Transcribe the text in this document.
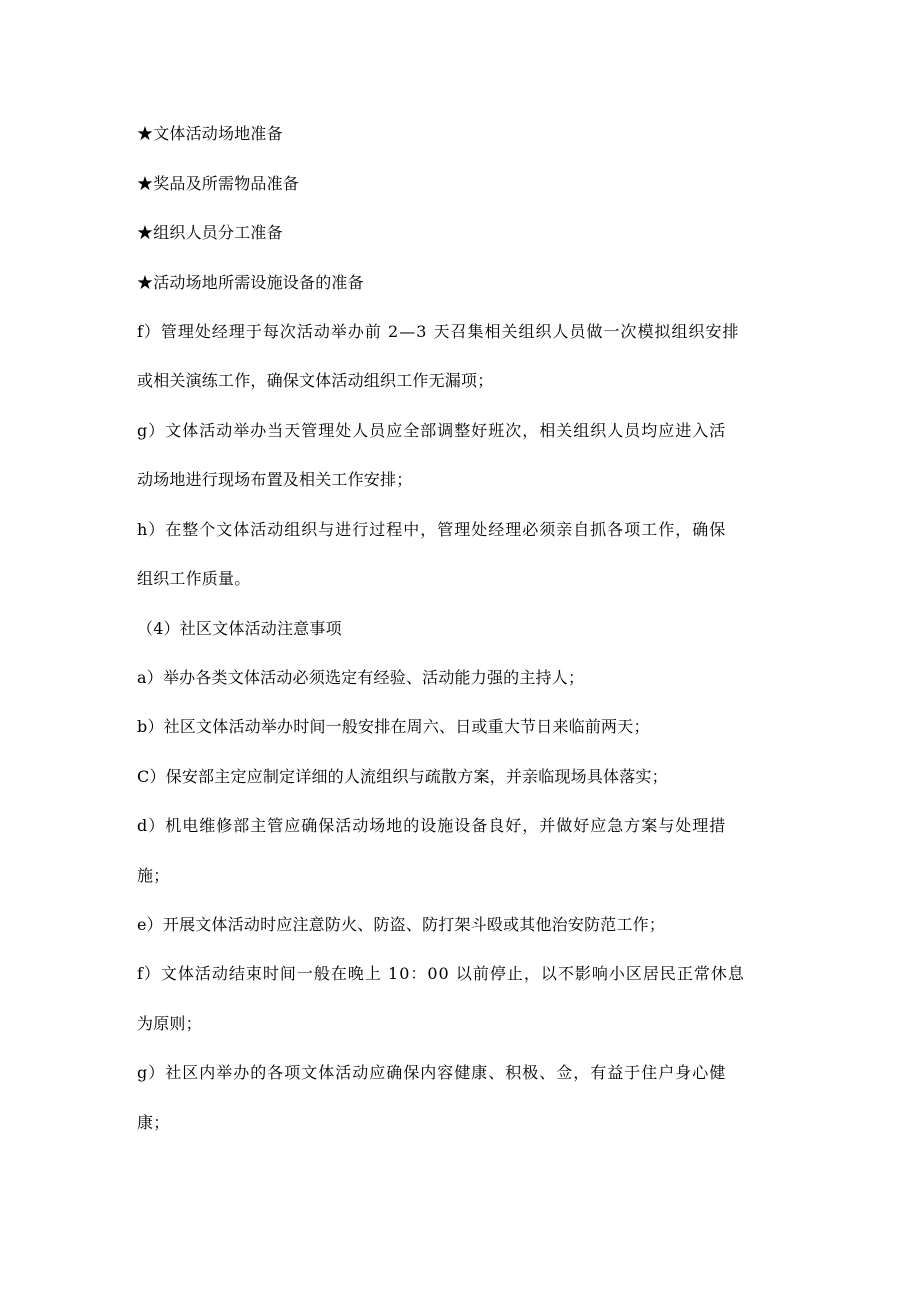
★文体活动场地准备
★奖品及所需物品准备
★组织人员分工准备
★活动场地所需设施设备的准备
f）管理处经理于每次活动举办前 2—3 天召集相关组织人员做一次模拟组织安排
或相关演练工作，确保文体活动组织工作无漏项；
g）文体活动举办当天管理处人员应全部调整好班次，相关组织人员均应进入活
动场地进行现场布置及相关工作安排；
h）在整个文体活动组织与进行过程中，管理处经理必须亲自抓各项工作，确保
组织工作质量。
（4）社区文体活动注意事项
a）举办各类文体活动必须选定有经验、活动能力强的主持人；
b）社区文体活动举办时间一般安排在周六、日或重大节日来临前两天；
C）保安部主定应制定详细的人流组织与疏散方案，并亲临现场具体落实；
d）机电维修部主管应确保活动场地的设施设备良好，并做好应急方案与处理措
施；
e）开展文体活动时应注意防火、防盗、防打架斗殴或其他治安防范工作；
f）文体活动结束时间一般在晚上 10：00 以前停止，以不影响小区居民正常休息
为原则；
g）社区内举办的各项文体活动应确保内容健康、积极、佥，有益于住户身心健
康；
